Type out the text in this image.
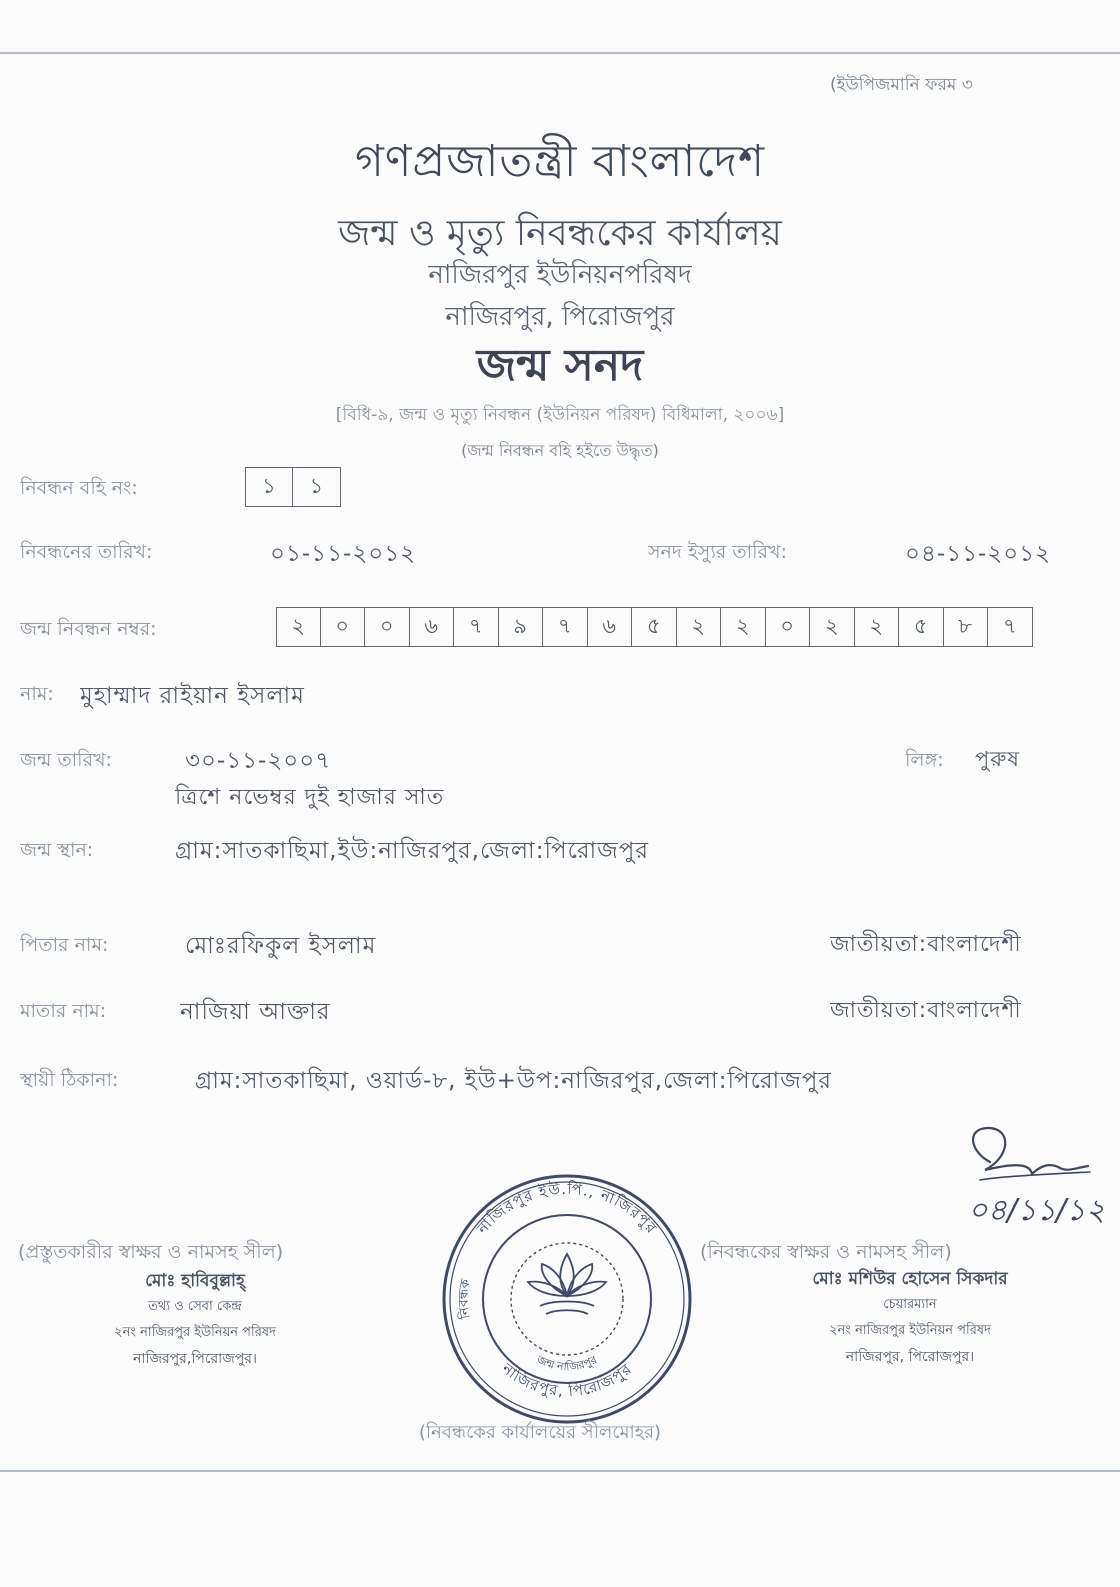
(ইউপিজমানি ফরম ৩
গণপ্রজাতন্ত্রী বাংলাদেশ
জন্ম ও মৃত্যু নিবন্ধকের কার্যালয়
নাজিরপুর ইউনিয়নপরিষদ
নাজিরপুর, পিরোজপুর
জন্ম সনদ
[বিধি-৯, জন্ম ও মৃত্যু নিবন্ধন (ইউনিয়ন পরিষদ) বিধিমালা, ২০০৬]
(জন্ম নিবন্ধন বহি হইতে উদ্ধৃত)
নিবন্ধন বহি নং:	১	১
নিবন্ধনের তারিখ:	০১-১১-২০১২	সনদ ইস্যুর তারিখ:	০৪-১১-২০১২
জন্ম নিবন্ধন নম্বর:	২	০	০	৬	৭	৯	৭	৬	৫	২	২	০	২	২	৫	৮	৭
নাম:	মুহাম্মাদ রাইয়ান ইসলাম
জন্ম তারিখ:	৩০-১১-২০০৭
ত্রিশে নভেম্বর দুই হাজার সাত
লিঙ্গ:	পুরুষ
জন্ম স্থান:	গ্রাম:সাতকাছিমা,ইউ:নাজিরপুর,জেলা:পিরোজপুর
পিতার নাম:	মোঃরফিকুল ইসলাম	জাতীয়তা:বাংলাদেশী
মাতার নাম:	নাজিয়া আক্তার	জাতীয়তা:বাংলাদেশী
স্থায়ী ঠিকানা:	গ্রাম:সাতকাছিমা, ওয়ার্ড-৮, ইউ+উপ:নাজিরপুর,জেলা:পিরোজপুর
০৪/১১/১২
(প্রস্তুতকারীর স্বাক্ষর ও নামসহ সীল)	(নিবন্ধকের স্বাক্ষর ও নামসহ সীল)
মোঃ হাবিবুল্লাহ্
তথ্য ও সেবা কেন্দ্র
২নং নাজিরপুর ইউনিয়ন পরিষদ
নাজিরপুর,পিরোজপুর।
মোঃ মশিউর হোসেন সিকদার
চেয়ারম্যান
২নং নাজিরপুর ইউনিয়ন পরিষদ
নাজিরপুর, পিরোজপুর।
নাজিরপুর ইউ.পি., নাজিরপুর
নাজিরপুর, পিরোজপুর
নিবন্ধক
জন্ম নাজিরপুর
(নিবন্ধকের কার্যালয়ের সীলমোহর)
